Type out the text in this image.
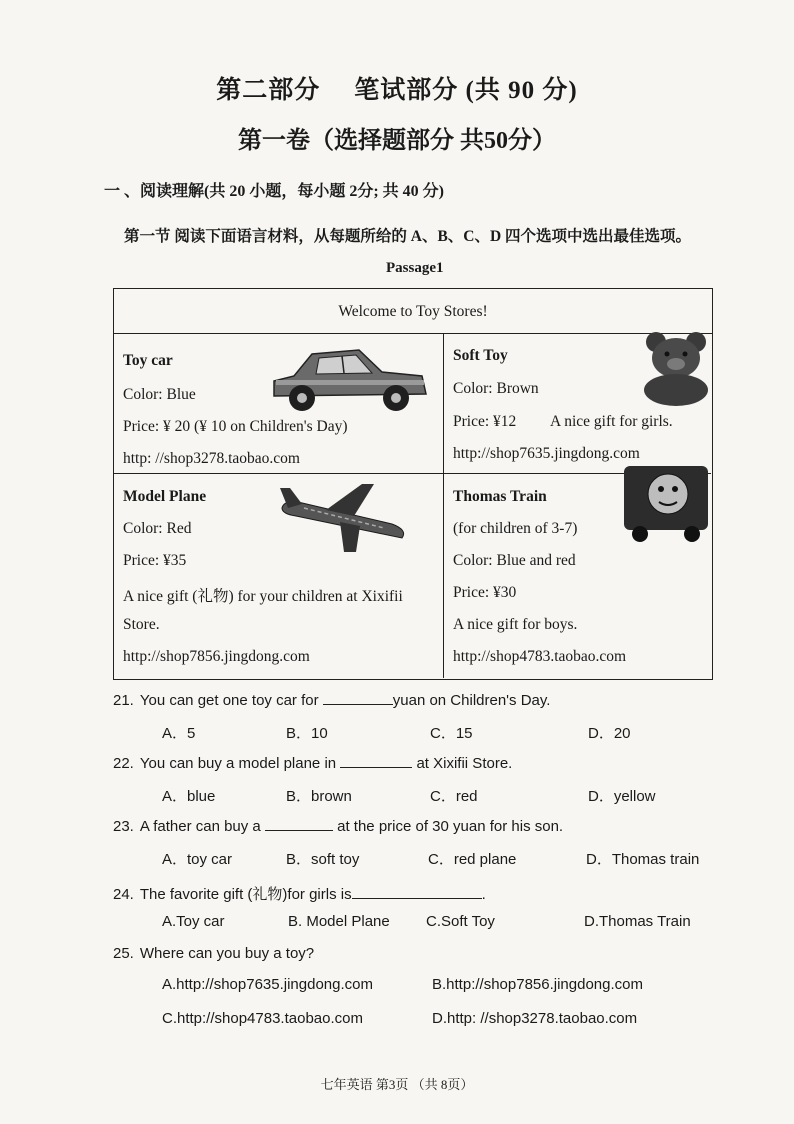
第二部分 笔试部分 (共 90 分)
第一卷（选择题部分 共50分）
一 、阅读理解(共 20 小题，每小题 2分; 共 40 分)
第一节 阅读下面语言材料，从每题所给的 A、B、C、D 四个选项中选出最佳选项。
Passage1
Welcome to Toy Stores!
Toy car
Color: Blue
Price: ¥ 20 (¥ 10 on Children's Day)
http: //shop3278.taobao.com
Soft Toy
Color: Brown
Price: ¥12 A nice gift for girls.
http://shop7635.jingdong.com
Model Plane
Color: Red
Price: ¥35
A nice gift (礼物) for your children at Xixifii
Store.
http://shop7856.jingdong.com
Thomas Train
(for children of 3-7)
Color: Blue and red
Price: ¥30
A nice gift for boys.
http://shop4783.taobao.com
21. You can get one toy car for	yuan on Children's Day.
A．5	B．10	C．15	D．20
22. You can buy a model plane in	at Xixifii Store.
A．blue	B．brown	C．red	D．yellow
23. A father can buy a	at the price of 30 yuan for his son.
A．toy car	B．soft toy	C．red plane	D．Thomas train
24. The favorite gift (礼物)for girls is	.
A.Toy car	B. Model Plane C.Soft Toy	D.Thomas Train
25. Where can you buy a toy?
A.http://shop7635.jingdong.com	B.http://shop7856.jingdong.com
C.http://shop4783.taobao.com	D.http: //shop3278.taobao.com
七年英语 第3页 （共 8页）
